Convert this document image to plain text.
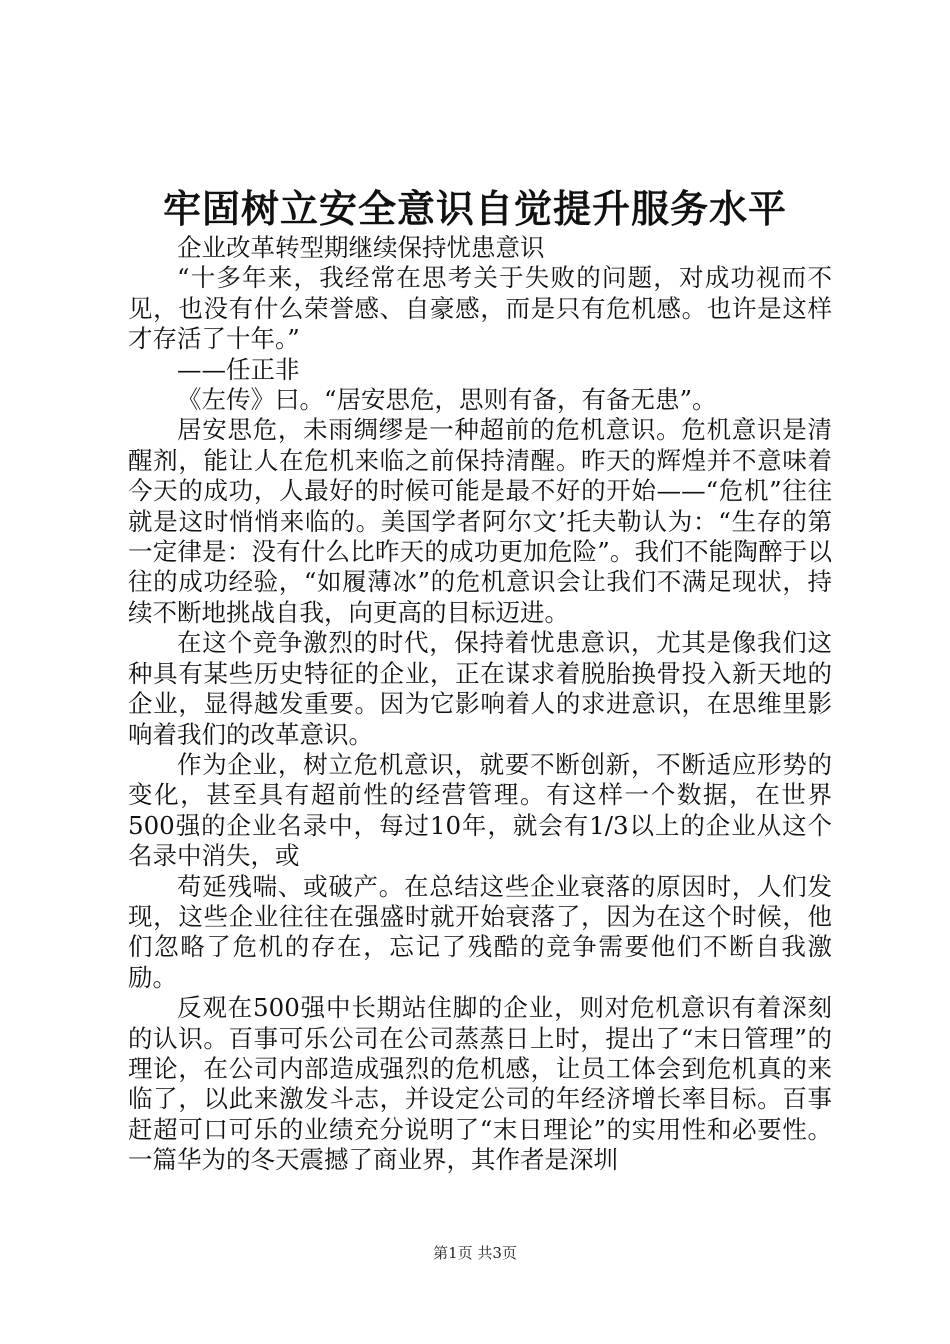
牢固树立安全意识自觉提升服务水平

企业改革转型期继续保持忧患意识

“十多年来，我经常在思考关于失败的问题，对成功视而不见，也没有什么荣誉感、自豪感，而是只有危机感。也许是这样才存活了十年。”

——任正非

《左传》曰。“居安思危，思则有备，有备无患”。

居安思危，未雨绸缪是一种超前的危机意识。危机意识是清醒剂，能让人在危机来临之前保持清醒。昨天的辉煌并不意味着今天的成功，人最好的时候可能是最不好的开始——“危机”往往就是这时悄悄来临的。美国学者阿尔文’托夫勒认为：“生存的第一定律是：没有什么比昨天的成功更加危险”。我们不能陶醉于以往的成功经验，“如履薄冰”的危机意识会让我们不满足现状，持续不断地挑战自我，向更高的目标迈进。

在这个竞争激烈的时代，保持着忧患意识，尤其是像我们这种具有某些历史特征的企业，正在谋求着脱胎换骨投入新天地的企业，显得越发重要。因为它影响着人的求进意识，在思维里影响着我们的改革意识。

作为企业，树立危机意识，就要不断创新，不断适应形势的变化，甚至具有超前性的经营管理。有这样一个数据，在世界500强的企业名录中，每过10年，就会有1/3以上的企业从这个名录中消失，或

苟延残喘、或破产。在总结这些企业衰落的原因时，人们发现，这些企业往往在强盛时就开始衰落了，因为在这个时候，他们忽略了危机的存在，忘记了残酷的竞争需要他们不断自我激励。

反观在500强中长期站住脚的企业，则对危机意识有着深刻的认识。百事可乐公司在公司蒸蒸日上时，提出了“末日管理”的理论，在公司内部造成强烈的危机感，让员工体会到危机真的来临了，以此来激发斗志，并设定公司的年经济增长率目标。百事赶超可口可乐的业绩充分说明了“末日理论”的实用性和必要性。一篇华为的冬天震撼了商业界，其作者是深圳

第1页 共3页
